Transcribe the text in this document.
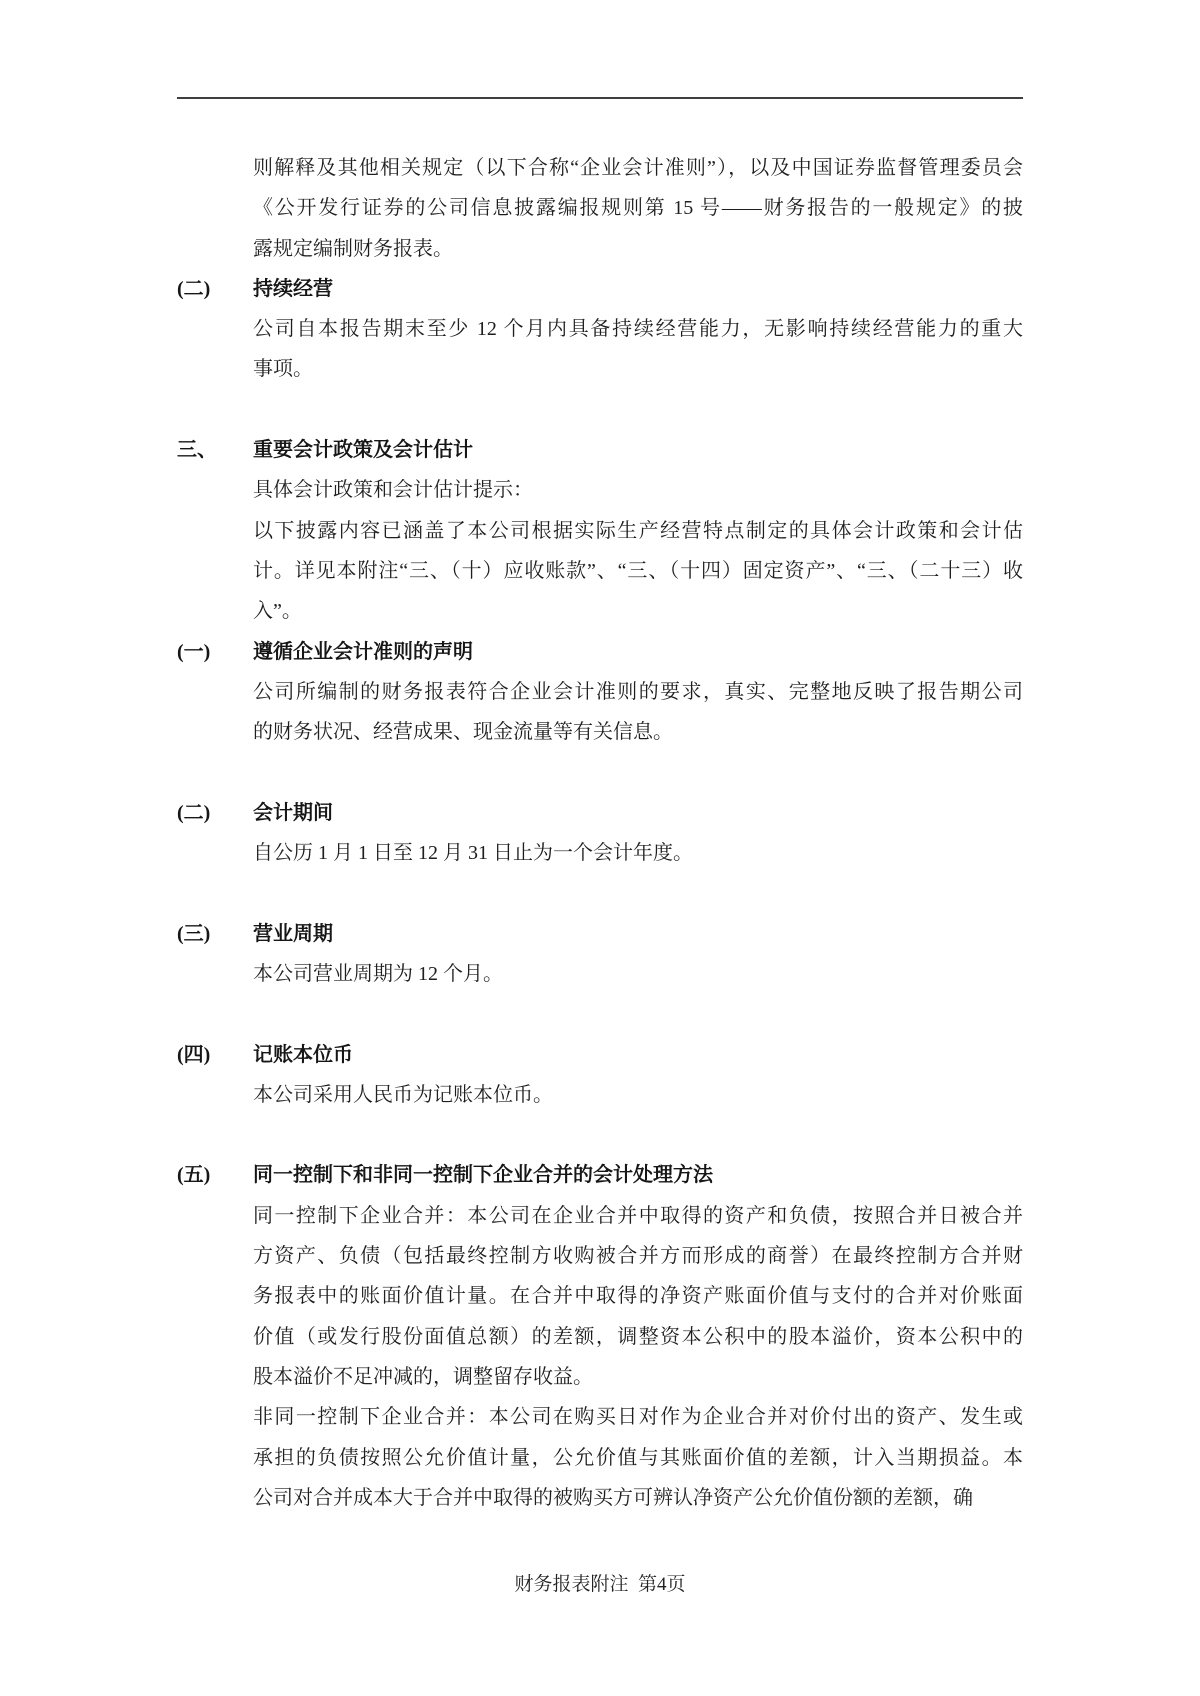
则解释及其他相关规定（以下合称“企业会计准则”），以及中国证券监督管理委员会
《公开发行证券的公司信息披露编报规则第 15 号——财务报告的一般规定》的披
露规定编制财务报表。
(二)	持续经营
公司自本报告期末至少 12 个月内具备持续经营能力，无影响持续经营能力的重大
事项。
三、	重要会计政策及会计估计
具体会计政策和会计估计提示：
以下披露内容已涵盖了本公司根据实际生产经营特点制定的具体会计政策和会计估
计。详见本附注“三、（十）应收账款”、“三、（十四）固定资产”、“三、（二十三）收
入”。
(一)	遵循企业会计准则的声明
公司所编制的财务报表符合企业会计准则的要求，真实、完整地反映了报告期公司
的财务状况、经营成果、现金流量等有关信息。
(二)	会计期间
自公历 1 月 1 日至 12 月 31 日止为一个会计年度。
(三)	营业周期
本公司营业周期为 12 个月。
(四)	记账本位币
本公司采用人民币为记账本位币。
(五)	同一控制下和非同一控制下企业合并的会计处理方法
同一控制下企业合并：本公司在企业合并中取得的资产和负债，按照合并日被合并
方资产、负债（包括最终控制方收购被合并方而形成的商誉）在最终控制方合并财
务报表中的账面价值计量。在合并中取得的净资产账面价值与支付的合并对价账面
价值（或发行股份面值总额）的差额，调整资本公积中的股本溢价，资本公积中的
股本溢价不足冲减的，调整留存收益。
非同一控制下企业合并：本公司在购买日对作为企业合并对价付出的资产、发生或
承担的负债按照公允价值计量，公允价值与其账面价值的差额，计入当期损益。本
公司对合并成本大于合并中取得的被购买方可辨认净资产公允价值份额的差额，确
财务报表附注  第4页
